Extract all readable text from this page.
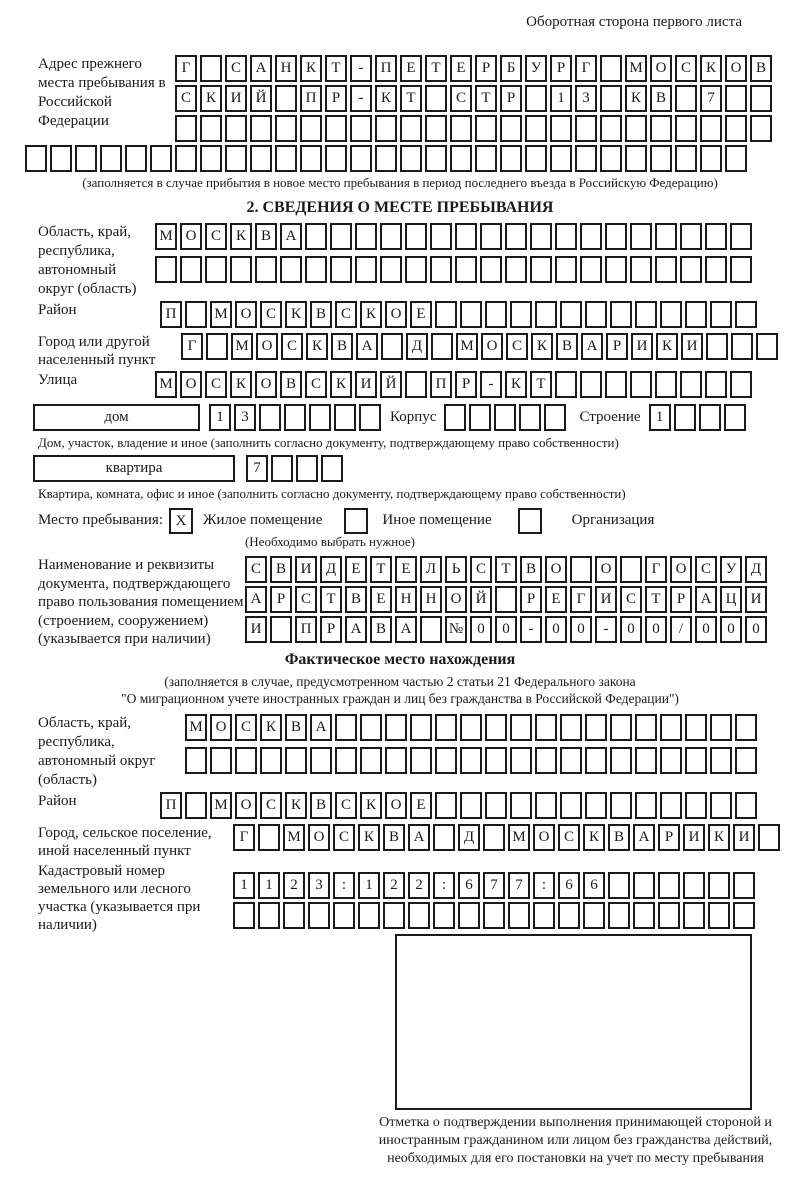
Оборотная сторона первого листа
Адрес прежнего места пребывания в Российской Федерации
Г	С А Н К	Т	-	П Е	Т	Е	Р	Б	У	Р	Г	М О С К О В
С К И Й	П	Р	-	К	Т	С	Т	Р	1	3	К В	7
(заполняется в случае прибытия в новое место пребывания в период последнего въезда в Российскую Федерацию)
2. СВЕДЕНИЯ О МЕСТЕ ПРЕБЫВАНИЯ
Область, край, республика, автономный округ (область)
М О С К В А
Район	П	М О С К В С К О Е
Город или другой населенный пункт
Г	М О С К В А	Д	М О С К В А	Р	И К И
Улица	М О С К О В С К И Й	П	Р	-	К	Т
дом	1	3	Корпус	Строение	1
Дом, участок, владение и иное (заполнить согласно документу, подтверждающему право собственности)
квартира	7
Квартира, комната, офис и иное (заполнить согласно документу, подтверждающему право собственности)
Место пребывания: X Жилое помещение	Иное помещение	Организация
(Необходимо выбрать нужное)
Наименование и реквизиты документа, подтверждающего право пользования помещением (строением, сооружением) (указывается при наличии)
С В И Д	Е	Т	Е	Л	Ь	С	Т	В О	О	Г	О С У Д
А	Р	С	Т	В	Е	Н Н О Й	Р	Е	Г	И С	Т	Р	А Ц И
И	П	Р	А В А	№ 0	0	-	0	0	-	0	0	/	0	0	0
Фактическое место нахождения
(заполняется в случае, предусмотренном частью 2 статьи 21 Федерального закона
"О миграционном учете иностранных граждан и лиц без гражданства в Российской Федерации")
Область, край, республика, автономный округ (область)
М О С К В А
Район	П	М О С К В С К О Е
Город, сельское поселение, иной населенный пункт
Г	М О С К В А	Д	М О С К В А	Р	И К И
Кадастровый номер земельного или лесного участка (указывается при наличии)
1	1	2	3	:	1	2	2	:	6	7	7	:	6	6
Отметка о подтверждении выполнения принимающей стороной и иностранным гражданином или лицом без гражданства действий, необходимых для его постановки на учет по месту пребывания
